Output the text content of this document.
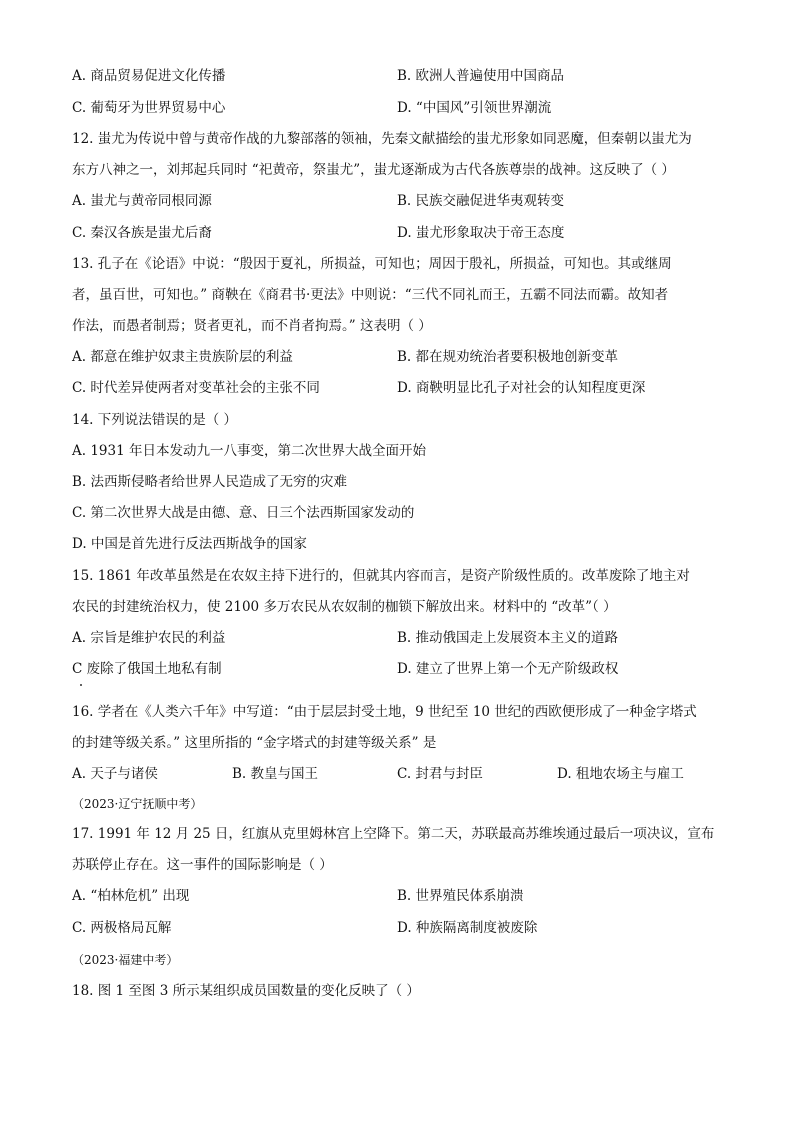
A. 商品贸易促进文化传播	B. 欧洲人普遍使用中国商品
C. 葡萄牙为世界贸易中心	D. “中国风”引领世界潮流
12. 蚩尤为传说中曾与黄帝作战的九黎部落的领袖，先秦文献描绘的蚩尤形象如同恶魔，但秦朝以蚩尤为
东方八神之一，刘邦起兵同时 “祀黄帝，祭蚩尤”，蚩尤逐渐成为古代各族尊崇的战神。这反映了（ ）
A. 蚩尤与黄帝同根同源	B. 民族交融促进华夷观转变
C. 秦汉各族是蚩尤后裔	D. 蚩尤形象取决于帝王态度
13. 孔子在《论语》中说：“殷因于夏礼，所损益，可知也；周因于殷礼，所损益，可知也。其或继周
者，虽百世，可知也。” 商鞅在《商君书·更法》中则说：“三代不同礼而王，五霸不同法而霸。故知者
作法，而愚者制焉；贤者更礼，而不肖者拘焉。” 这表明（ ）
A. 都意在维护奴隶主贵族阶层的利益	B. 都在规劝统治者要积极地创新变革
C. 时代差异使两者对变革社会的主张不同	D. 商鞅明显比孔子对社会的认知程度更深
14. 下列说法错误的是（ ）
A. 1931 年日本发动九一八事变，第二次世界大战全面开始
B. 法西斯侵略者给世界人民造成了无穷的灾难
C. 第二次世界大战是由德、意、日三个法西斯国家发动的
D. 中国是首先进行反法西斯战争的国家
15. 1861 年改革虽然是在农奴主持下进行的，但就其内容而言，是资产阶级性质的。改革废除了地主对
农民的封建统治权力，使 2100 多万农民从农奴制的枷锁下解放出来。材料中的 “改革”（ ）
A. 宗旨是维护农民的利益	B. 推动俄国走上发展资本主义的道路
C 废除了俄国土地私有制	D. 建立了世界上第一个无产阶级政权
16. 学者在《人类六千年》中写道：“由于层层封受土地，9 世纪至 10 世纪的西欧便形成了一种金字塔式
的封建等级关系。” 这里所指的 “金字塔式的封建等级关系” 是
A. 天子与诸侯	B. 教皇与国王	C. 封君与封臣	D. 租地农场主与雇工
（2023·辽宁抚顺中考）
17. 1991 年 12 月 25 日，红旗从克里姆林宫上空降下。第二天，苏联最高苏维埃通过最后一项决议，宣布
苏联停止存在。这一事件的国际影响是（ ）
A. “柏林危机” 出现	B. 世界殖民体系崩溃
C. 两极格局瓦解	D. 种族隔离制度被废除
（2023·福建中考）
18. 图 1 至图 3 所示某组织成员国数量的变化反映了（ ）
